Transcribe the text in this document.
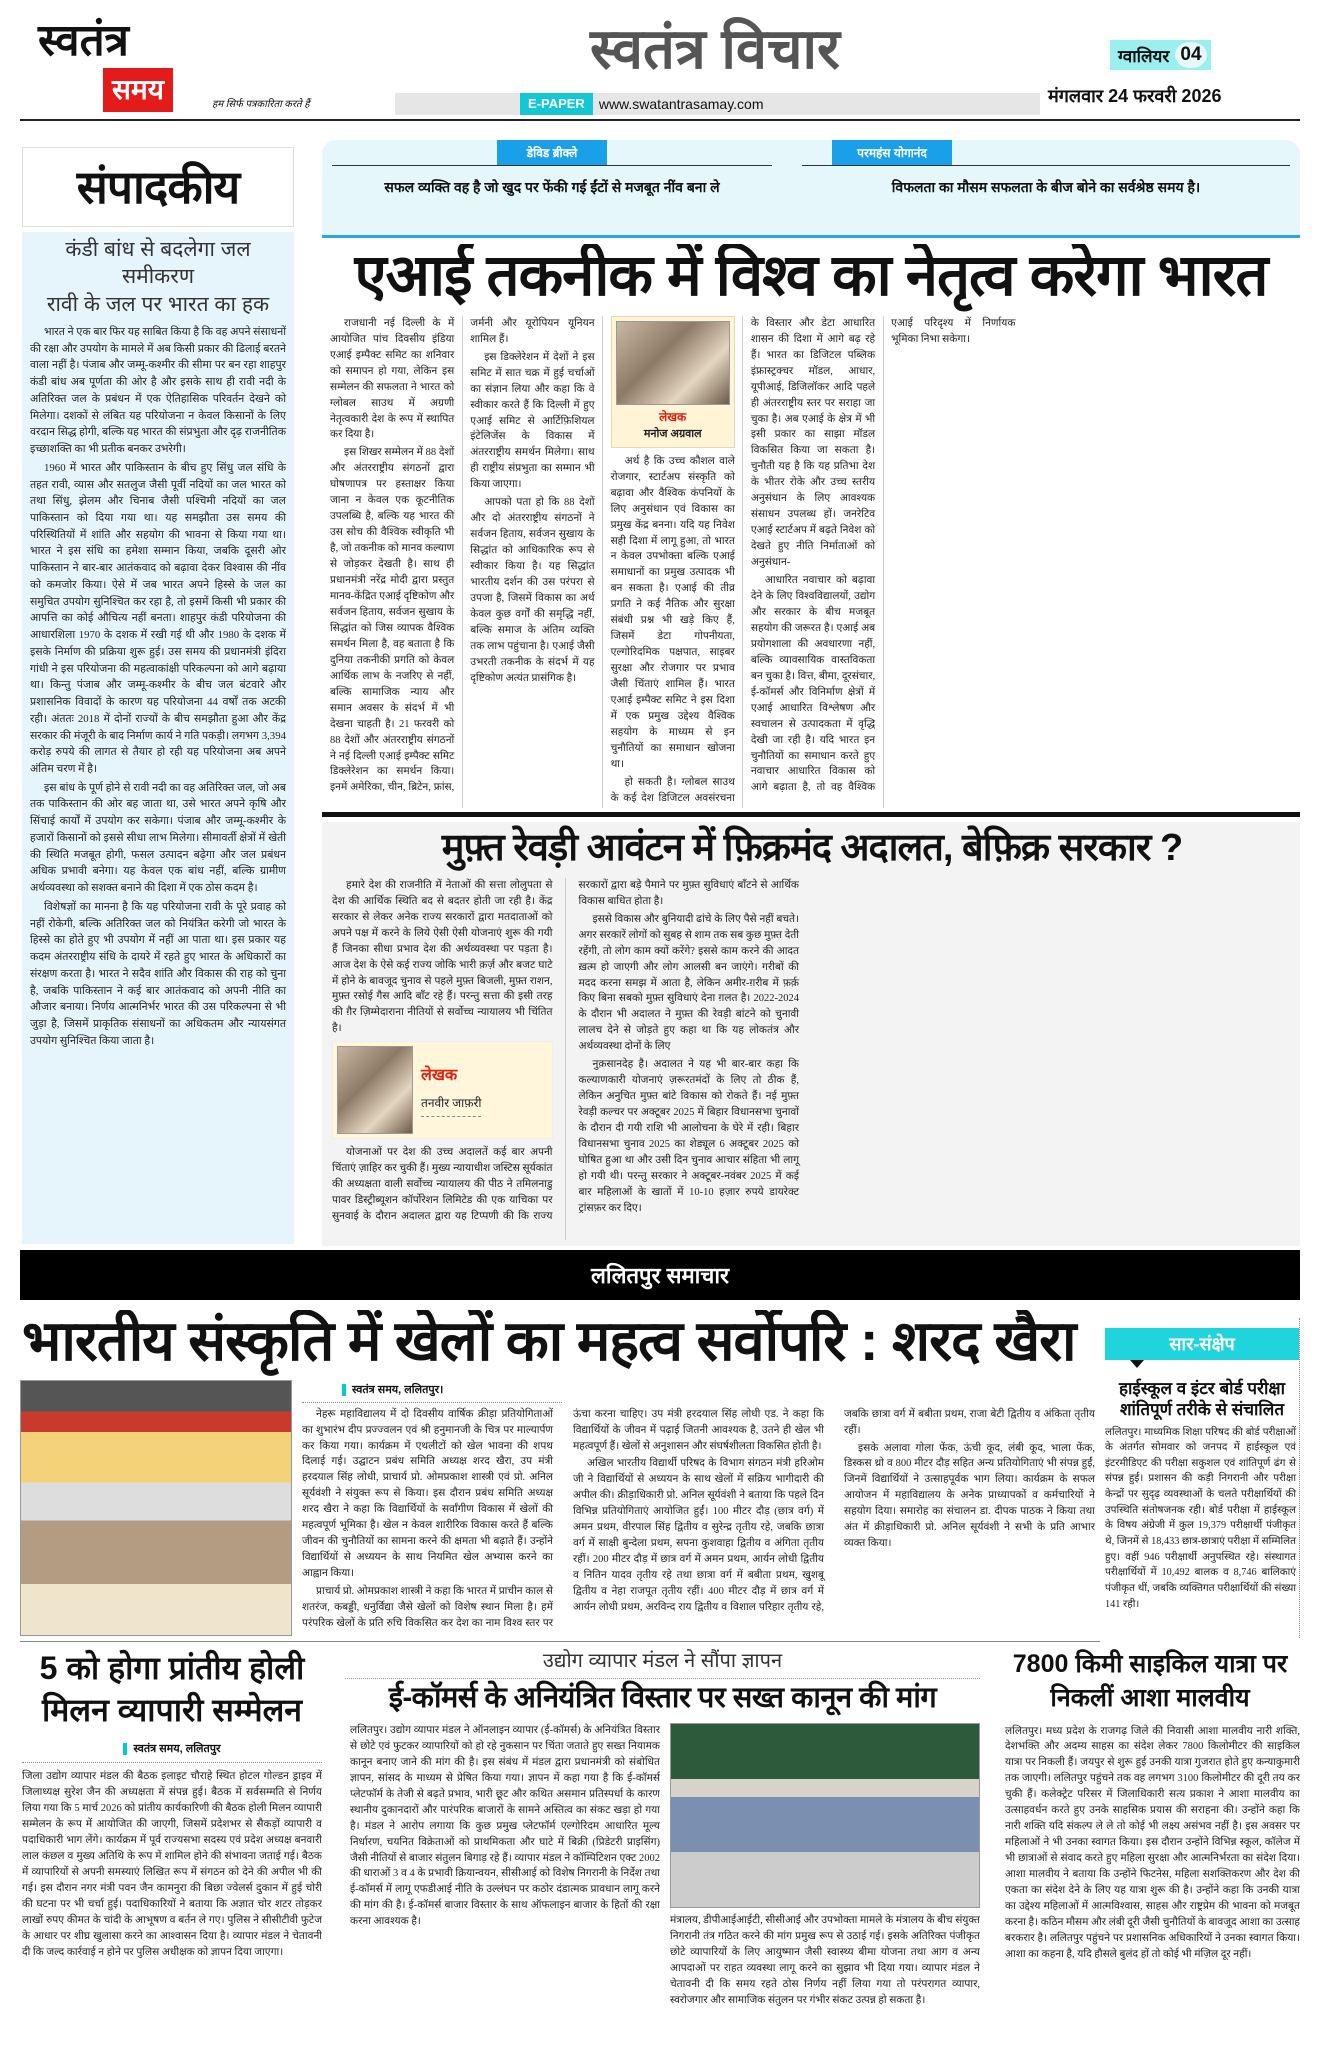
स्वतंत्र
समय	हम सिर्फ पत्रकारिता करते हैं
स्वतंत्र विचार
E-PAPER	www.swatantrasamay.com
ग्वालियर 04
मंगलवार 24 फरवरी 2026
संपादकीय
कंडी बांध से बदलेगा जल समीकरण
रावी के जल पर भारत का हक

भारत ने एक बार फिर यह साबित किया है कि वह अपने संसाधनों की रक्षा और उपयोग के मामले में अब किसी प्रकार की ढिलाई बरतने वाला नहीं है। पंजाब और जम्मू-कश्मीर की सीमा पर बन रहा शाहपुर कंडी बांध अब पूर्णता की ओर है और इसके साथ ही रावी नदी के अतिरिक्त जल के प्रबंधन में एक ऐतिहासिक परिवर्तन देखने को मिलेगा। दशकों से लंबित यह परियोजना न केवल किसानों के लिए वरदान सिद्ध होगी, बल्कि यह भारत की संप्रभुता और दृढ़ राजनीतिक इच्छाशक्ति का भी प्रतीक बनकर उभरेगी।

1960 में भारत और पाकिस्तान के बीच हुए सिंधु जल संधि के तहत रावी, व्यास और सतलुज जैसी पूर्वी नदियों का जल भारत को तथा सिंधु, झेलम और चिनाब जैसी पश्चिमी नदियों का जल पाकिस्तान को दिया गया था। यह समझौता उस समय की परिस्थितियों में शांति और सहयोग की भावना से किया गया था। भारत ने इस संधि का हमेशा सम्मान किया, जबकि दूसरी ओर पाकिस्तान ने बार-बार आतंकवाद को बढ़ावा देकर विश्वास की नींव को कमजोर किया। ऐसे में जब भारत अपने हिस्से के जल का समुचित उपयोग सुनिश्चित कर रहा है, तो इसमें किसी भी प्रकार की आपत्ति का कोई औचित्य नहीं बनता। शाहपुर कंडी परियोजना की आधारशिला 1970 के दशक में रखी गई थी और 1980 के दशक में इसके निर्माण की प्रक्रिया शुरू हुई। उस समय की प्रधानमंत्री इंदिरा गांधी ने इस परियोजना की महत्वाकांक्षी परिकल्पना को आगे बढ़ाया था। किन्तु पंजाब और जम्मू-कश्मीर के बीच जल बंटवारे और प्रशासनिक विवादों के कारण यह परियोजना 44 वर्षों तक अटकी रही। अंततः 2018 में दोनों राज्यों के बीच समझौता हुआ और केंद्र सरकार की मंजूरी के बाद निर्माण कार्य ने गति पकड़ी। लगभग 3,394 करोड़ रुपये की लागत से तैयार हो रही यह परियोजना अब अपने अंतिम चरण में है।

इस बांध के पूर्ण होने से रावी नदी का वह अतिरिक्त जल, जो अब तक पाकिस्तान की ओर बह जाता था, उसे भारत अपने कृषि और सिंचाई कार्यों में उपयोग कर सकेगा। पंजाब और जम्मू-कश्मीर के हजारों किसानों को इससे सीधा लाभ मिलेगा। सीमावर्ती क्षेत्रों में खेती की स्थिति मजबूत होगी, फसल उत्पादन बढ़ेगा और जल प्रबंधन अधिक प्रभावी बनेगा। यह केवल एक बांध नहीं, बल्कि ग्रामीण अर्थव्यवस्था को सशक्त बनाने की दिशा में एक ठोस कदम है।

विशेषज्ञों का मानना है कि यह परियोजना रावी के पूरे प्रवाह को नहीं रोकेगी, बल्कि अतिरिक्त जल को नियंत्रित करेगी जो भारत के हिस्से का होते हुए भी उपयोग में नहीं आ पाता था। इस प्रकार यह कदम अंतरराष्ट्रीय संधि के दायरे में रहते हुए भारत के अधिकारों का संरक्षण करता है। भारत ने सदैव शांति और विकास की राह को चुना है, जबकि पाकिस्तान ने कई बार आतंकवाद को अपनी नीति का औजार बनाया। निर्णय आत्मनिर्भर भारत की उस परिकल्पना से भी जुड़ा है, जिसमें प्राकृतिक संसाधनों का अधिकतम और न्यायसंगत उपयोग सुनिश्चित किया जाता है।

डेविड ब्रीक्ले
सफल व्यक्ति वह है जो खुद पर फेंकी गई ईंटों से मजबूत नींव बना ले
परमहंस योगानंद
विफलता का मौसम सफलता के बीज बोने का सर्वश्रेष्ठ समय है।
एआई तकनीक में विश्व का नेतृत्व करेगा भारत

राजधानी नई दिल्ली के में आयोजित पांच दिवसीय इंडिया एआई इम्पैक्ट समिट का शनिवार को समापन हो गया, लेकिन इस सम्मेलन की सफलता ने भारत को ग्लोबल साउथ में अग्रणी नेतृत्वकारी देश के रूप में स्थापित कर दिया है।

इस शिखर सम्मेलन में 88 देशों और अंतरराष्ट्रीय संगठनों द्वारा घोषणापत्र पर हस्ताक्षर किया जाना न केवल एक कूटनीतिक उपलब्धि है, बल्कि यह भारत की उस सोच की वैश्विक स्वीकृति भी है, जो तकनीक को मानव कल्याण से जोड़कर देखती है। साथ ही प्रधानमंत्री नरेंद्र मोदी द्वारा प्रस्तुत मानव-केंद्रित एआई दृष्टिकोण और सर्वजन हिताय, सर्वजन सुखाय के सिद्धांत को जिस व्यापक वैश्विक समर्थन मिला है, वह बताता है कि दुनिया तकनीकी प्रगति को केवल आर्थिक लाभ के नजरिए से नहीं, बल्कि सामाजिक न्याय और समान अवसर के संदर्भ में भी देखना चाहती है। 21 फरवरी को 88 देशों और अंतरराष्ट्रीय संगठनों ने नई दिल्ली एआई इम्पैक्ट समिट डिक्लेरेशन का समर्थन किया। इनमें अमेरिका, चीन, ब्रिटेन, फ्रांस, जर्मनी और यूरोपियन यूनियन शामिल हैं।

इस डिक्लेरेशन में देशों ने इस समिट में सात चक्र में हुई चर्चाओं का संज्ञान लिया और कहा कि वे स्वीकार करते हैं कि दिल्ली में हुए एआई समिट से आर्टिफ़िशियल इंटेलिजेंस के विकास में अंतरराष्ट्रीय समर्थन मिलेगा। साथ ही राष्ट्रीय संप्रभुता का सम्मान भी किया जाएगा।

आपको पता हो कि 88 देशों और दो अंतरराष्ट्रीय संगठनों ने सर्वजन हिताय, सर्वजन सुखाय के सिद्धांत को आधिकारिक रूप से स्वीकार किया है। यह सिद्धांत भारतीय दर्शन की उस परंपरा से उपजा है, जिसमें विकास का अर्थ केवल कुछ वर्गों की समृद्धि नहीं, बल्कि समाज के अंतिम व्यक्ति तक लाभ पहुंचाना है। एआई जैसी उभरती तकनीक के संदर्भ में यह दृष्टिकोण अत्यंत प्रासंगिक है।

लेखक
मनोज अग्रवाल

अर्थ है कि उच्च कौशल वाले रोजगार, स्टार्टअप संस्कृति को बढ़ावा और वैश्विक कंपनियों के लिए अनुसंधान एवं विकास का प्रमुख केंद्र बनना। यदि यह निवेश सही दिशा में लागू हुआ, तो भारत न केवल उपभोक्ता बल्कि एआई समाधानों का प्रमुख उत्पादक भी बन सकता है। एआई की तीव्र प्रगति ने कई नैतिक और सुरक्षा संबंधी प्रश्न भी खड़े किए हैं, जिसमें डेटा गोपनीयता, एल्गोरिदमिक पक्षपात, साइबर सुरक्षा और रोजगार पर प्रभाव जैसी चिंताएं शामिल हैं। भारत एआई इम्पैक्ट समिट ने इस दिशा में एक प्रमुख उद्देश्य वैश्विक सहयोग के माध्यम से इन चुनौतियों का समाधान खोजना था।

हो सकती है। ग्लोबल साउथ के कई देश डिजिटल अवसंरचना के विस्तार और डेटा आधारित शासन की दिशा में आगे बढ़ रहे हैं। भारत का डिजिटल पब्लिक इंफ्रास्ट्रक्चर मॉडल, आधार, यूपीआई, डिजिलॉकर आदि पहले ही अंतरराष्ट्रीय स्तर पर सराहा जा चुका है। अब एआई के क्षेत्र में भी इसी प्रकार का साझा मॉडल विकसित किया जा सकता है। चुनौती यह है कि यह प्रतिभा देश के भीतर रोके और उच्च स्तरीय अनुसंधान के लिए आवश्यक संसाधन उपलब्ध हों। जनरेटिव एआई स्टार्टअप में बढ़ते निवेश को देखते हुए नीति निर्माताओं को अनुसंधान-

आधारित नवाचार को बढ़ावा देने के लिए विश्वविद्यालयों, उद्योग और सरकार के बीच मजबूत सहयोग की जरूरत है। एआई अब प्रयोगशाला की अवधारणा नहीं, बल्कि व्यावसायिक वास्तविकता बन चुका है। वित्त, बीमा, दूरसंचार, ई-कॉमर्स और विनिर्माण क्षेत्रों में एआई आधारित विश्लेषण और स्वचालन से उत्पादकता में वृद्धि देखी जा रही है। यदि भारत इन चुनौतियों का समाधान करते हुए नवाचार आधारित विकास को आगे बढ़ाता है, तो वह वैश्विक एआई परिदृश्य में निर्णायक भूमिका निभा सकेगा।

मुफ़्त रेवड़ी आवंटन में फ़िक्रमंद अदालत, बेफ़िक्र सरकार ?

हमारे देश की राजनीति में नेताओं की सत्ता लोलुपता से देश की आर्थिक स्थिति बद से बदतर होती जा रही है। केंद्र सरकार से लेकर अनेक राज्य सरकारों द्वारा मतदाताओं को अपने पक्ष में करने के लिये ऐसी ऐसी योजनाएं शुरू की गयी हैं जिनका सीधा प्रभाव देश की अर्थव्यवस्था पर पड़ता है। आज देश के ऐसे कई राज्य जोकि भारी क़र्ज़ और बजट घाटे में होने के बावजूद चुनाव से पहले मुफ़्त बिजली, मुफ़्त राशन, मुफ़्त रसोई गैस आदि बाँट रहे हैं। परन्तु सत्ता की इसी तरह की ग़ैर ज़िम्मेदाराना नीतियों से सर्वोच्च न्यायालय भी चिंतित है।

लेखक
तनवीर जाफ़री

योजनाओं पर देश की उच्च अदालतें कई बार अपनी चिंताएं ज़ाहिर कर चुकी हैं। मुख्य न्यायाधीश जस्टिस सूर्यकांत की अध्यक्षता वाली सर्वोच्च न्यायालय की पीठ ने तमिलनाडु पावर डिस्ट्रीब्यूशन कॉर्पोरेशन लिमिटेड की एक याचिका पर सुनवाई के दौरान अदालत द्वारा यह टिप्पणी की कि राज्य सरकारों द्वारा बड़े पैमाने पर मुफ़्त सुविधाएं बाँटने से आर्थिक विकास बाधित होता है।

इससे विकास और बुनियादी ढांचे के लिए पैसे नहीं बचते। अगर सरकारें लोगों को सुबह से शाम तक सब कुछ मुफ़्त देती रहेंगी, तो लोग काम क्यों करेंगे? इससे काम करने की आदत ख़त्म हो जाएगी और लोग आलसी बन जाएंगे। गरीबों की मदद करना समझ में आता है, लेकिन अमीर-ग़रीब में फ़र्क़ किए बिना सबको मुफ़्त सुविधाएं देना ग़लत है। 2022-2024 के दौरान भी अदालत ने मुफ़्त की रेवड़ी बांटने को चुनावी लालच देने से जोड़ते हुए कहा था कि यह लोकतंत्र और अर्थव्यवस्था दोनों के लिए

नुक़सानदेह है। अदालत ने यह भी बार-बार कहा कि कल्याणकारी योजनाएं ज़रूरतमंदों के लिए तो ठीक हैं, लेकिन अनुचित मुफ़्त बांटे विकास को रोकते हैं। नई मुफ़्त रेवड़ी कल्चर पर अक्टूबर 2025 में बिहार विधानसभा चुनावों के दौरान दी गयी राशि भी आलोचना के घेरे में रही। बिहार विधानसभा चुनाव 2025 का शेड्यूल 6 अक्टूबर 2025 को घोषित हुआ था और उसी दिन चुनाव आचार संहिता भी लागू हो गयी थी। परन्तु सरकार ने अक्टूबर-नवंबर 2025 में कई बार महिलाओं के खातों में 10-10 हज़ार रुपये डायरेक्ट ट्रांसफ़र कर दिए।

ललितपुर समाचार
भारतीय संस्कृति में खेलों का महत्व सर्वोपरि : शरद खैरा
स्वतंत्र समय, ललितपुर।

नेहरू महाविद्यालय में दो दिवसीय वार्षिक क्रीड़ा प्रतियोगिताओं का शुभारंभ दीप प्रज्ज्वलन एवं श्री हनुमानजी के चित्र पर माल्यार्पण कर किया गया। कार्यक्रम में एथलीटों को खेल भावना की शपथ दिलाई गई। उद्घाटन प्रबंध समिति अध्यक्ष शरद खैरा, उप मंत्री हरदयाल सिंह लोधी, प्राचार्य प्रो. ओमप्रकाश शास्त्री एवं प्रो. अनिल सूर्यवंशी ने संयुक्त रूप से किया। इस दौरान प्रबंध समिति अध्यक्ष शरद खैरा ने कहा कि विद्यार्थियों के सर्वांगीण विकास में खेलों की महत्वपूर्ण भूमिका है। खेल न केवल शारीरिक विकास करते हैं बल्कि जीवन की चुनौतियों का सामना करने की क्षमता भी बढ़ाते हैं। उन्होंने विद्यार्थियों से अध्ययन के साथ नियमित खेल अभ्यास करने का आह्वान किया।

प्राचार्य प्रो. ओमप्रकाश शास्त्री ने कहा कि भारत में प्राचीन काल से शतरंज, कबड्डी, धनुर्विद्या जैसे खेलों को विशेष स्थान मिला है। हमें परंपरिक खेलों के प्रति रुचि विकसित कर देश का नाम विश्व स्तर पर ऊंचा करना चाहिए। उप मंत्री हरदयाल सिंह लोधी एड. ने कहा कि विद्यार्थियों के जीवन में पढ़ाई जितनी आवश्यक है, उतने ही खेल भी महत्वपूर्ण हैं। खेलों से अनुशासन और संघर्षशीलता विकसित होती है।

अखिल भारतीय विद्यार्थी परिषद के विभाग संगठन मंत्री हरिओम जी ने विद्यार्थियों से अध्ययन के साथ खेलों में सक्रिय भागीदारी की अपील की। क्रीड़ाधिकारी प्रो. अनिल सूर्यवंशी ने बताया कि पहले दिन विभिन्न प्रतियोगिताएं आयोजित हुईं। 100 मीटर दौड़ (छात्र वर्ग) में अमन प्रथम, वीरपाल सिंह द्वितीय व सुरेन्द्र तृतीय रहे, जबकि छात्रा वर्ग में साक्षी बुन्देला प्रथम, सपना कुशवाहा द्वितीय व अंगिता तृतीय रहीं। 200 मीटर दौड़ में छात्र वर्ग में अमन प्रथम, आर्यन लोधी द्वितीय व नितिन यादव तृतीय रहे तथा छात्रा वर्ग में बबीता प्रथम, खुशबू द्वितीय व नेहा राजपूत तृतीय रहीं। 400 मीटर दौड़ में छात्र वर्ग में आर्यन लोधी प्रथम, अरविन्द राय द्वितीय व विशाल परिहार तृतीय रहे, जबकि छात्रा वर्ग में बबीता प्रथम, राजा बेटी द्वितीय व अंकिता तृतीय रहीं।

इसके अलावा गोला फेंक, ऊंची कूद, लंबी कूद, भाला फेंक, डिस्कस थ्रो व 800 मीटर दौड़ सहित अन्य प्रतियोगिताएं भी संपन्न हुईं, जिनमें विद्यार्थियों ने उत्साहपूर्वक भाग लिया। कार्यक्रम के सफल आयोजन में महाविद्यालय के अनेक प्राध्यापकों व कर्मचारियों ने सहयोग दिया। समारोह का संचालन डा. दीपक पाठक ने किया तथा अंत में क्रीड़ाधिकारी प्रो. अनिल सूर्यवंशी ने सभी के प्रति आभार व्यक्त किया।

सार-संक्षेप
हाईस्कूल व इंटर बोर्ड परीक्षा शांतिपूर्ण तरीके से संचालित
ललितपुर। माध्यमिक शिक्षा परिषद की बोर्ड परीक्षाओं के अंतर्गत सोमवार को जनपद में हाईस्कूल एवं इंटरमीडिएट की परीक्षा सकुशल एवं शांतिपूर्ण ढंग से संपन्न हुई। प्रशासन की कड़ी निगरानी और परीक्षा केन्द्रों पर सुदृढ़ व्यवस्थाओं के चलते परीक्षार्थियों की उपस्थिति संतोषजनक रही। बोर्ड परीक्षा में हाईस्कूल के विषय अंग्रेजी में कुल 19,379 परीक्षार्थी पंजीकृत थे, जिनमें से 18,433 छात्र-छात्राएं परीक्षा में सम्मिलित हुए। वहीं 946 परीक्षार्थी अनुपस्थित रहे। संस्थागत परीक्षार्थियों में 10,492 बालक व 8,746 बालिकाएं पंजीकृत थीं, जबकि व्यक्तिगत परीक्षार्थियों की संख्या 141 रही।
5 को होगा प्रांतीय होली मिलन व्यापारी सम्मेलन
स्वतंत्र समय, ललितपुर
जिला उद्योग व्यापार मंडल की बैठक इलाइट चौराहे स्थित होटल गोल्डन ड्राइव में जिलाध्यक्ष सुरेश जैन की अध्यक्षता में संपन्न हुई। बैठक में सर्वसम्मति से निर्णय लिया गया कि 5 मार्च 2026 को प्रांतीय कार्यकारिणी की बैठक होली मिलन व्यापारी सम्मेलन के रूप में आयोजित की जाएगी, जिसमें प्रदेशभर से सैकड़ों व्यापारी व पदाधिकारी भाग लेंगे। कार्यक्रम में पूर्व राज्यसभा सदस्य एवं प्रदेश अध्यक्ष बनवारी लाल कंछल व मुख्य अतिथि के रूप में शामिल होने की संभावना जताई गई। बैठक में व्यापारियों से अपनी समस्याएं लिखित रूप में संगठन को देने की अपील भी की गई। इस दौरान नगर मंत्री पवन जैन कामनुरा की बिछा ज्वेलर्स दुकान में हुई चोरी की घटना पर भी चर्चा हुई। पदाधिकारियों ने बताया कि अज्ञात चोर शटर तोड़कर लाखों रुपए कीमत के चांदी के आभूषण व बर्तन ले गए। पुलिस ने सीसीटीवी फुटेज के आधार पर शीघ्र खुलासा करने का आश्वासन दिया है। व्यापार मंडल ने चेतावनी दी कि जल्द कार्रवाई न होने पर पुलिस अधीक्षक को ज्ञापन दिया जाएगा।
उद्योग व्यापार मंडल ने सौंपा ज्ञापन
ई-कॉमर्स के अनियंत्रित विस्तार पर सख्त कानून की मांग
ललितपुर। उद्योग व्यापार मंडल ने ऑनलाइन व्यापार (ई-कॉमर्स) के अनियंत्रित विस्तार से छोटे एवं फुटकर व्यापारियों को हो रहे नुकसान पर चिंता जताते हुए सख्त नियामक कानून बनाए जाने की मांग की है। इस संबंध में मंडल द्वारा प्रधानमंत्री को संबोधित ज्ञापन, सांसद के माध्यम से प्रेषित किया गया। ज्ञापन में कहा गया है कि ई-कॉमर्स प्लेटफॉर्म के तेजी से बढ़ते प्रभाव, भारी छूट और कथित असमान प्रतिस्पर्धा के कारण स्थानीय दुकानदारों और पारंपरिक बाजारों के सामने अस्तित्व का संकट खड़ा हो गया है। मंडल ने आरोप लगाया कि कुछ प्रमुख प्लेटफॉर्म एल्गोरिदम आधारित मूल्य निर्धारण, चयनित विक्रेताओं को प्राथमिकता और घाटे में बिक्री (प्रिडेटरी प्राइसिंग) जैसी नीतियों से बाजार संतुलन बिगाड़ रहे हैं। व्यापार मंडल ने कॉम्पिटिशन एक्ट 2002 की धाराओं 3 व 4 के प्रभावी क्रियान्वयन, सीसीआई को विशेष निगरानी के निर्देश तथा ई-कॉमर्स में लागू एफडीआई नीति के उल्लंघन पर कठोर दंडात्मक प्रावधान लागू करने की मांग की है। ई-कॉमर्स बाजार विस्तार के साथ ऑफलाइन बाजार के हितों की रक्षा करना आवश्यक है।	मंत्रालय, डीपीआईआईटी, सीसीआई और उपभोक्ता मामले के मंत्रालय के बीच संयुक्त निगरानी तंत्र गठित करने की मांग प्रमुख रूप से उठाई गई। इसके अतिरिक्त पंजीकृत छोटे व्यापारियों के लिए आयुष्मान जैसी स्वास्थ्य बीमा योजना तथा आग व अन्य आपदाओं पर राहत व्यवस्था लागू करने का सुझाव भी दिया गया। व्यापार मंडल ने चेतावनी दी कि समय रहते ठोस निर्णय नहीं लिया गया तो परंपरागत व्यापार, स्वरोजगार और सामाजिक संतुलन पर गंभीर संकट उत्पन्न हो सकता है।
7800 किमी साइकिल यात्रा पर निकलीं आशा मालवीय
ललितपुर। मध्य प्रदेश के राजगढ़ जिले की निवासी आशा मालवीय नारी शक्ति, देशभक्ति और अदम्य साहस का संदेश लेकर 7800 किलोमीटर की साइकिल यात्रा पर निकली हैं। जयपुर से शुरू हुई उनकी यात्रा गुजरात होते हुए कन्याकुमारी तक जाएगी। ललितपुर पहुंचने तक वह लगभग 3100 किलोमीटर की दूरी तय कर चुकी हैं। कलेक्ट्रेट परिसर में जिलाधिकारी सत्य प्रकाश ने आशा मालवीय का उत्साहवर्धन करते हुए उनके साहसिक प्रयास की सराहना की। उन्होंने कहा कि नारी शक्ति यदि संकल्प ले ले तो कोई भी लक्ष्य असंभव नहीं है। इस अवसर पर महिलाओं ने भी उनका स्वागत किया। इस दौरान उन्होंने विभिन्न स्कूल, कॉलेज में भी छात्राओं से संवाद करते हुए महिला सुरक्षा और आत्मनिर्भरता का संदेश दिया। आशा मालवीय ने बताया कि उन्होंने फिटनेस, महिला सशक्तिकरण और देश की एकता का संदेश देने के लिए यह यात्रा शुरू की है। उन्होंने कहा कि उनकी यात्रा का उद्देश्य महिलाओं में आत्मविश्वास, साहस और राष्ट्रप्रेम की भावना को मजबूत करना है। कठिन मौसम और लंबी दूरी जैसी चुनौतियों के बावजूद आशा का उत्साह बरकरार है। ललितपुर पहुंचने पर प्रशासनिक अधिकारियों ने उनका स्वागत किया। आशा का कहना है, यदि हौसले बुलंद हों तो कोई भी मंज़िल दूर नहीं।
